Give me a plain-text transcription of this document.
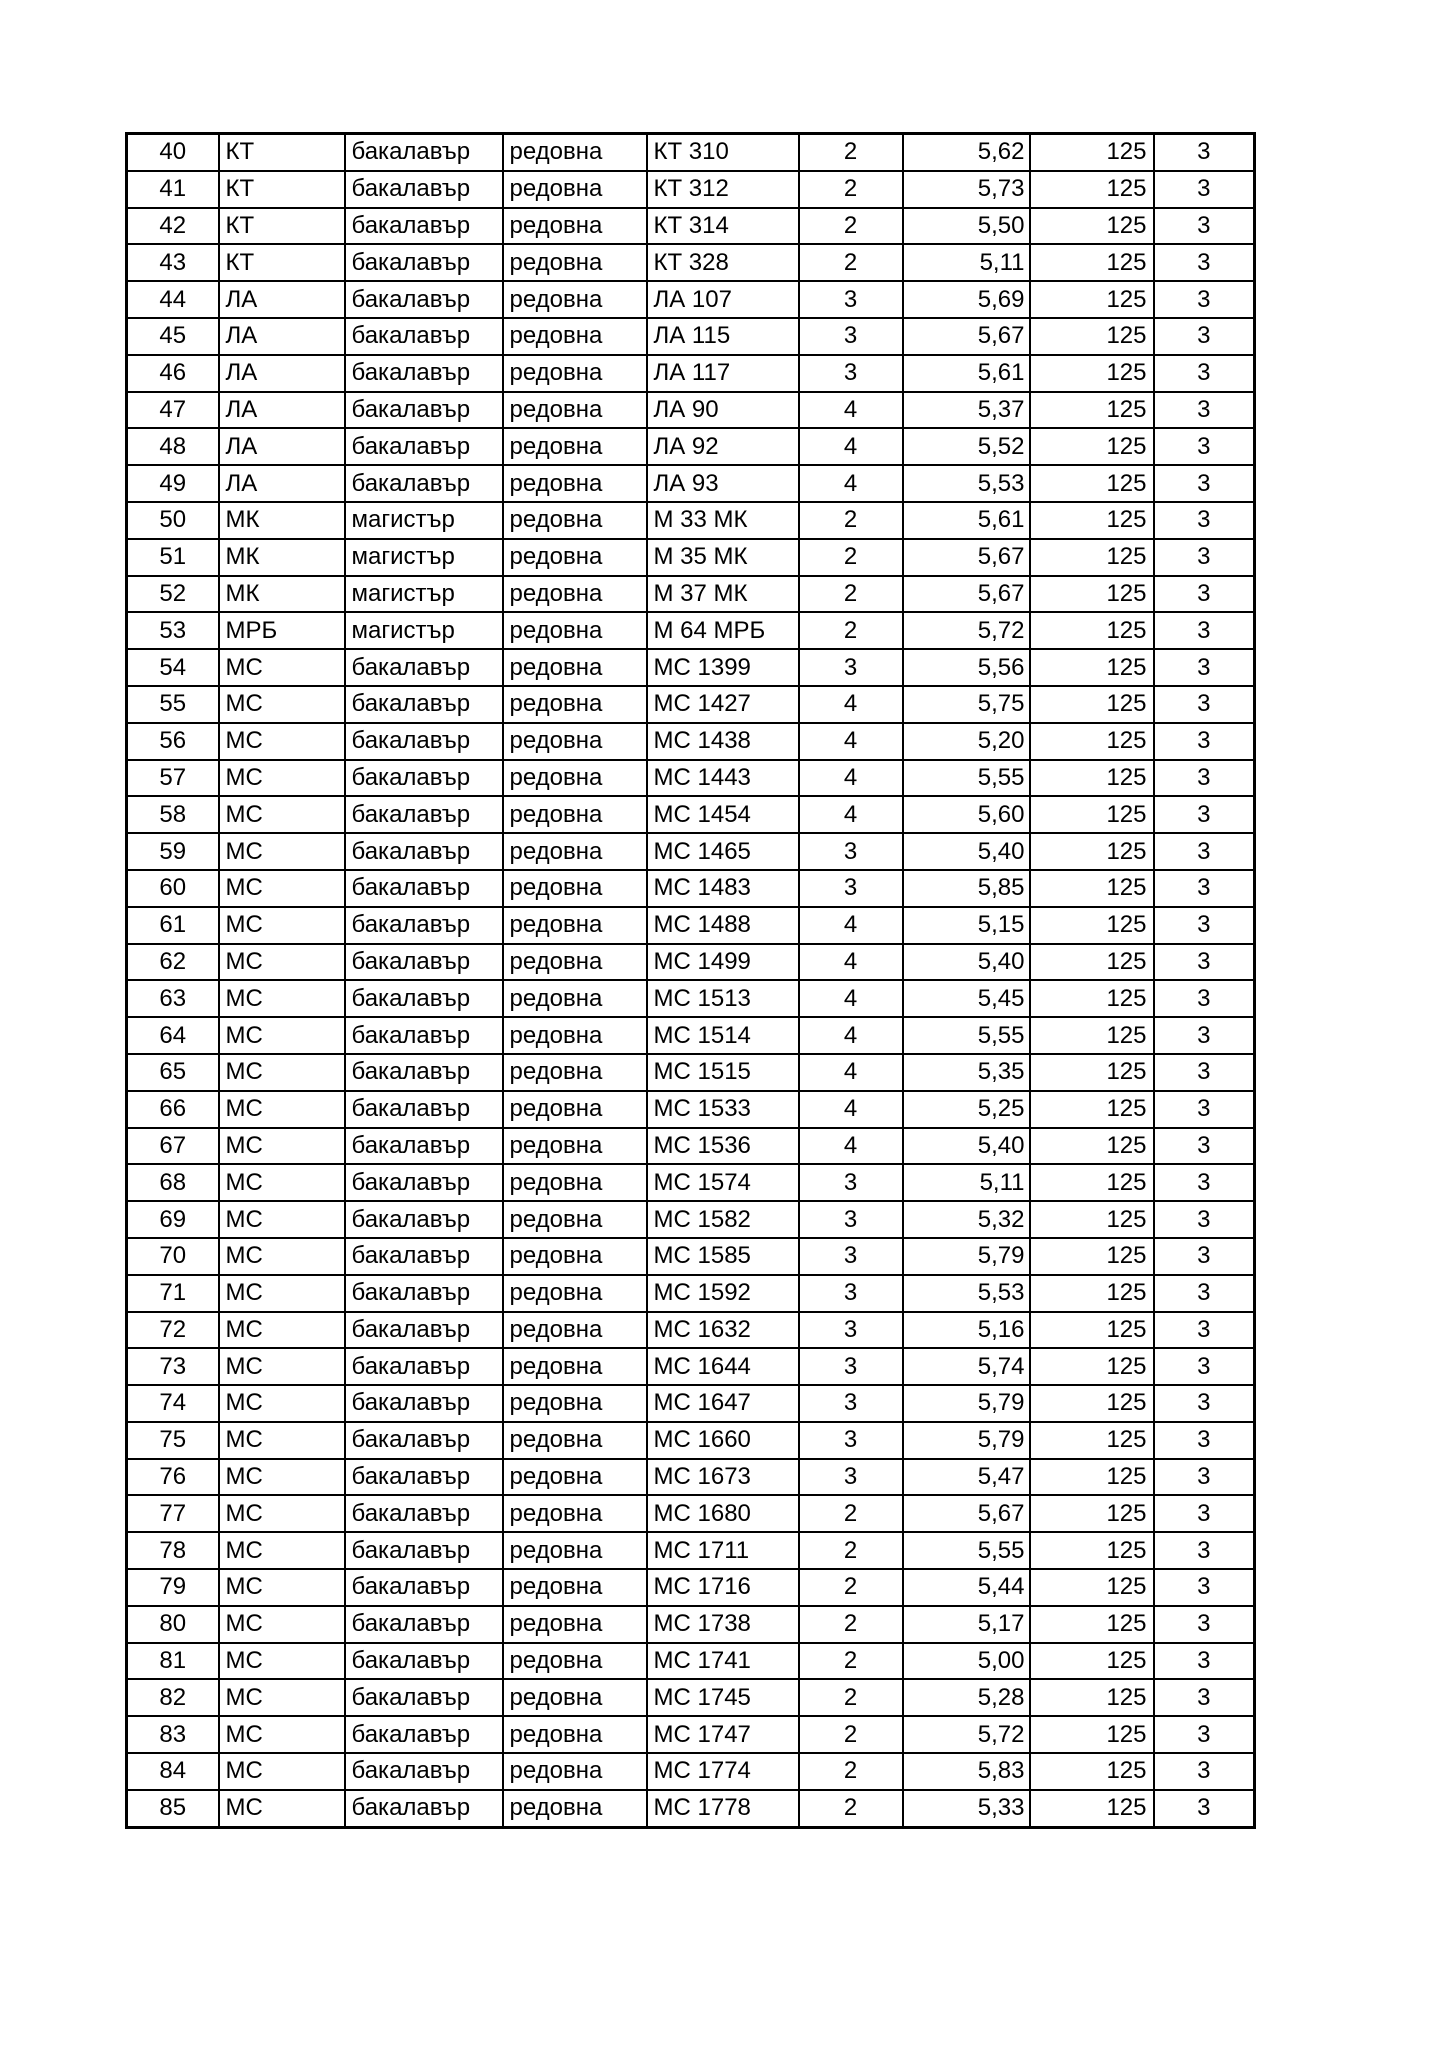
40	КТ	бакалавър	редовна	КТ 310	2	5,62	125	3
41	КТ	бакалавър	редовна	КТ 312	2	5,73	125	3
42	КТ	бакалавър	редовна	КТ 314	2	5,50	125	3
43	КТ	бакалавър	редовна	КТ 328	2	5,11	125	3
44	ЛА	бакалавър	редовна	ЛА 107	3	5,69	125	3
45	ЛА	бакалавър	редовна	ЛА 115	3	5,67	125	3
46	ЛА	бакалавър	редовна	ЛА 117	3	5,61	125	3
47	ЛА	бакалавър	редовна	ЛА 90	4	5,37	125	3
48	ЛА	бакалавър	редовна	ЛА 92	4	5,52	125	3
49	ЛА	бакалавър	редовна	ЛА 93	4	5,53	125	3
50	МК	магистър	редовна	М 33 МК	2	5,61	125	3
51	МК	магистър	редовна	М 35 МК	2	5,67	125	3
52	МК	магистър	редовна	М 37 МК	2	5,67	125	3
53	МРБ	магистър	редовна	М 64 МРБ	2	5,72	125	3
54	МС	бакалавър	редовна	МС 1399	3	5,56	125	3
55	МС	бакалавър	редовна	МС 1427	4	5,75	125	3
56	МС	бакалавър	редовна	МС 1438	4	5,20	125	3
57	МС	бакалавър	редовна	МС 1443	4	5,55	125	3
58	МС	бакалавър	редовна	МС 1454	4	5,60	125	3
59	МС	бакалавър	редовна	МС 1465	3	5,40	125	3
60	МС	бакалавър	редовна	МС 1483	3	5,85	125	3
61	МС	бакалавър	редовна	МС 1488	4	5,15	125	3
62	МС	бакалавър	редовна	МС 1499	4	5,40	125	3
63	МС	бакалавър	редовна	МС 1513	4	5,45	125	3
64	МС	бакалавър	редовна	МС 1514	4	5,55	125	3
65	МС	бакалавър	редовна	МС 1515	4	5,35	125	3
66	МС	бакалавър	редовна	МС 1533	4	5,25	125	3
67	МС	бакалавър	редовна	МС 1536	4	5,40	125	3
68	МС	бакалавър	редовна	МС 1574	3	5,11	125	3
69	МС	бакалавър	редовна	МС 1582	3	5,32	125	3
70	МС	бакалавър	редовна	МС 1585	3	5,79	125	3
71	МС	бакалавър	редовна	МС 1592	3	5,53	125	3
72	МС	бакалавър	редовна	МС 1632	3	5,16	125	3
73	МС	бакалавър	редовна	МС 1644	3	5,74	125	3
74	МС	бакалавър	редовна	МС 1647	3	5,79	125	3
75	МС	бакалавър	редовна	МС 1660	3	5,79	125	3
76	МС	бакалавър	редовна	МС 1673	3	5,47	125	3
77	МС	бакалавър	редовна	МС 1680	2	5,67	125	3
78	МС	бакалавър	редовна	МС 1711	2	5,55	125	3
79	МС	бакалавър	редовна	МС 1716	2	5,44	125	3
80	МС	бакалавър	редовна	МС 1738	2	5,17	125	3
81	МС	бакалавър	редовна	МС 1741	2	5,00	125	3
82	МС	бакалавър	редовна	МС 1745	2	5,28	125	3
83	МС	бакалавър	редовна	МС 1747	2	5,72	125	3
84	МС	бакалавър	редовна	МС 1774	2	5,83	125	3
85	МС	бакалавър	редовна	МС 1778	2	5,33	125	3
